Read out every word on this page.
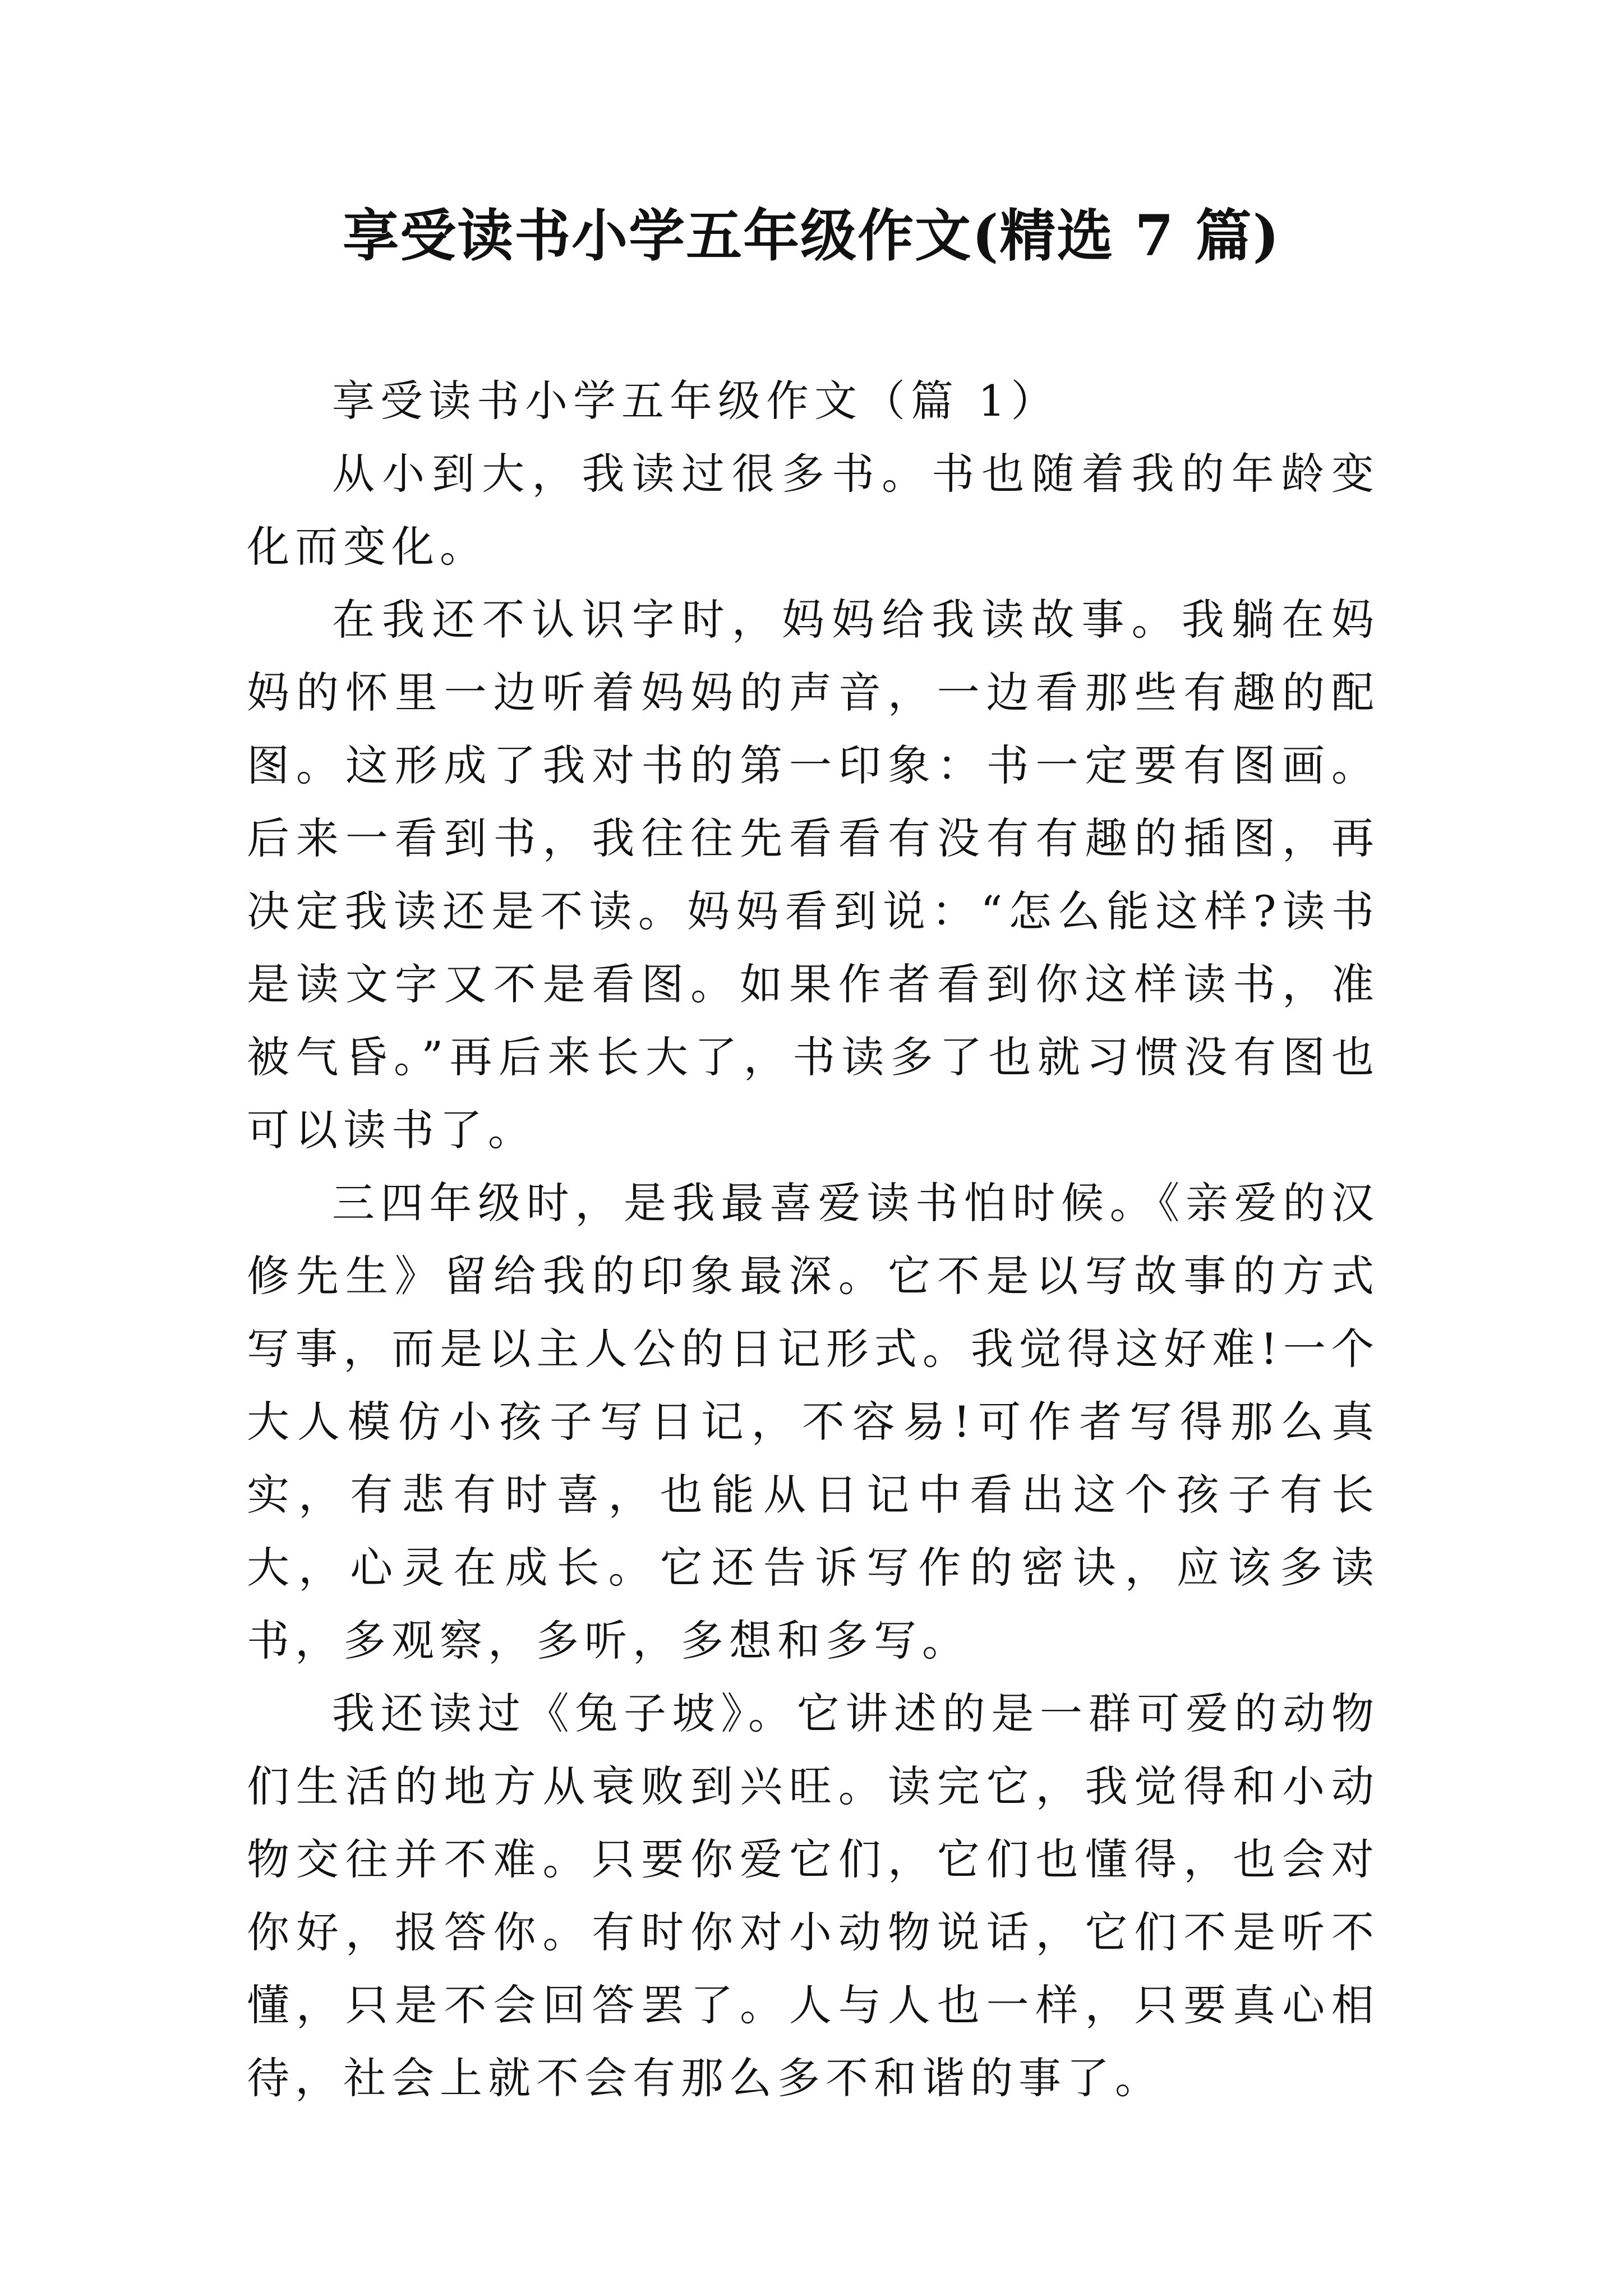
享受读书小学五年级作文(精选 7 篇)

享受读书小学五年级作文（篇 1）

从小到大，我读过很多书。书也随着我的年龄变化而变化。

在我还不认识字时，妈妈给我读故事。我躺在妈妈的怀里一边听着妈妈的声音，一边看那些有趣的配图。这形成了我对书的第一印象：书一定要有图画。后来一看到书，我往往先看看有没有有趣的插图，再决定我读还是不读。妈妈看到说：“怎么能这样?读书是读文字又不是看图。如果作者看到你这样读书，准被气昏。”再后来长大了，书读多了也就习惯没有图也可以读书了。

三四年级时，是我最喜爱读书怕时候。《亲爱的汉修先生》留给我的印象最深。它不是以写故事的方式写事，而是以主人公的日记形式。我觉得这好难!一个大人模仿小孩子写日记，不容易!可作者写得那么真实，有悲有时喜，也能从日记中看出这个孩子有长大，心灵在成长。它还告诉写作的密诀，应该多读书，多观察，多听，多想和多写。

我还读过《兔子坡》。它讲述的是一群可爱的动物们生活的地方从衰败到兴旺。读完它，我觉得和小动物交往并不难。只要你爱它们，它们也懂得，也会对你好，报答你。有时你对小动物说话，它们不是听不懂，只是不会回答罢了。人与人也一样，只要真心相待，社会上就不会有那么多不和谐的事了。
